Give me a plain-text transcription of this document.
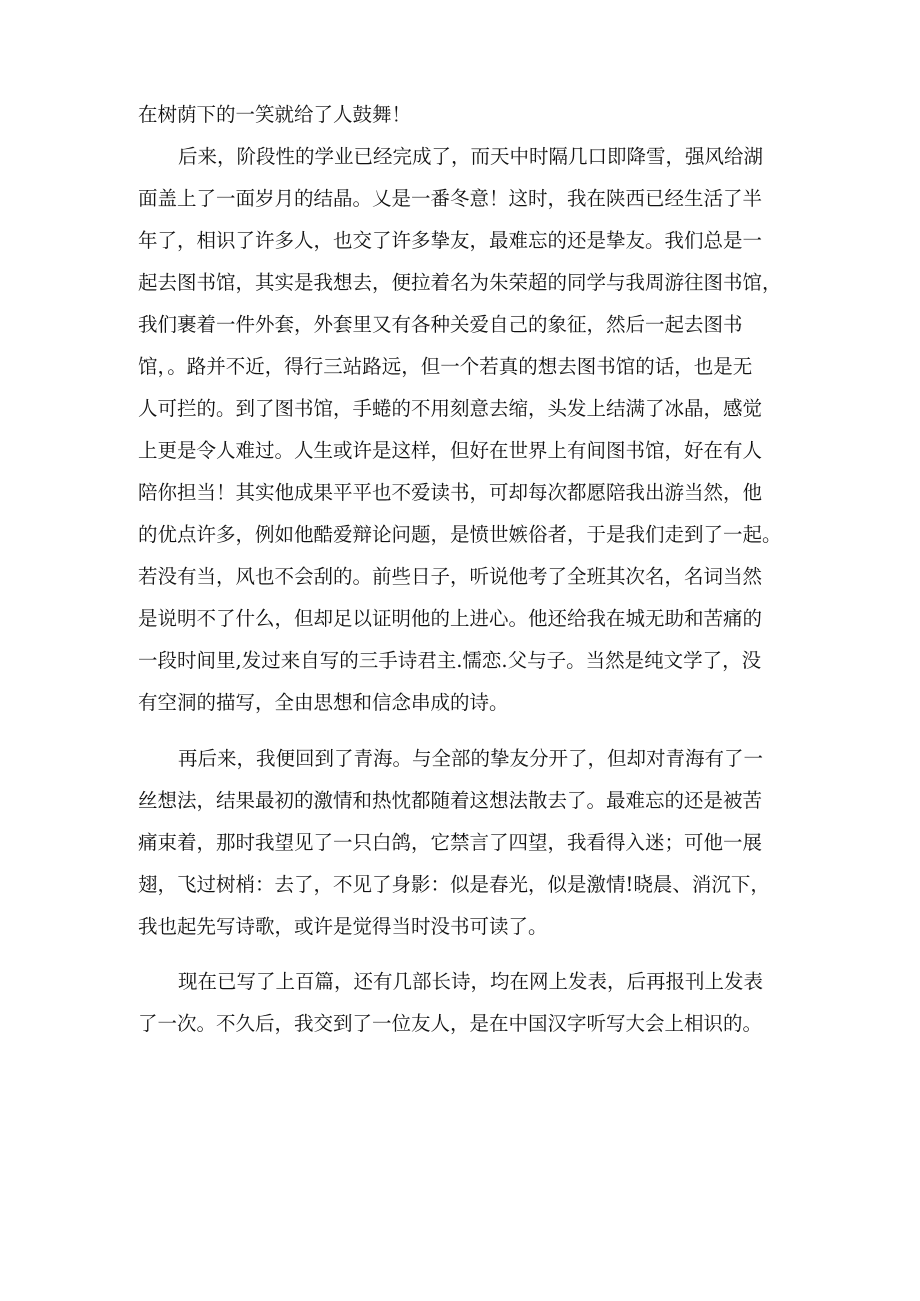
在树荫下的一笑就给了人鼓舞！
后来，阶段性的学业已经完成了，而天中时隔几口即降雪，强风给湖
面盖上了一面岁月的结晶。乂是一番冬意！这时，我在陕西已经生活了半
年了，相识了许多人，也交了许多挚友，最难忘的还是挚友。我们总是一
起去图书馆，其实是我想去，便拉着名为朱荣超的同学与我周游往图书馆，
我们裹着一件外套，外套里又有各种关爱自己的象征，然后一起去图书
馆，。路并不近，得行三站路远，但一个若真的想去图书馆的话，也是无
人可拦的。到了图书馆，手蜷的不用刻意去缩，头发上结满了冰晶，感觉
上更是令人难过。人生或许是这样，但好在世界上有间图书馆，好在有人
陪你担当！其实他成果平平也不爱读书，可却每次都愿陪我出游当然，他
的优点许多，例如他酷爱辩论问题，是愤世嫉俗者，于是我们走到了一起。
若没有当，风也不会刮的。前些日子，听说他考了全班其次名，名词当然
是说明不了什么，但却足以证明他的上进心。他还给我在城无助和苦痛的
一段时间里,发过来自写的三手诗君主.懦恋.父与子。当然是纯文学了，没
有空洞的描写，全由思想和信念串成的诗。
再后来，我便回到了青海。与全部的挚友分开了，但却对青海有了一
丝想法，结果最初的激情和热忱都随着这想法散去了。最难忘的还是被苦
痛束着，那时我望见了一只白鸽，它禁言了四望，我看得入迷；可他一展
翅，飞过树梢：去了，不见了身影：似是春光，似是激情!晓晨、消沉下，
我也起先写诗歌，或许是觉得当时没书可读了。
现在已写了上百篇，还有几部长诗，均在网上发表，后再报刊上发表
了一次。不久后，我交到了一位友人，是在中国汉字听写大会上相识的。
